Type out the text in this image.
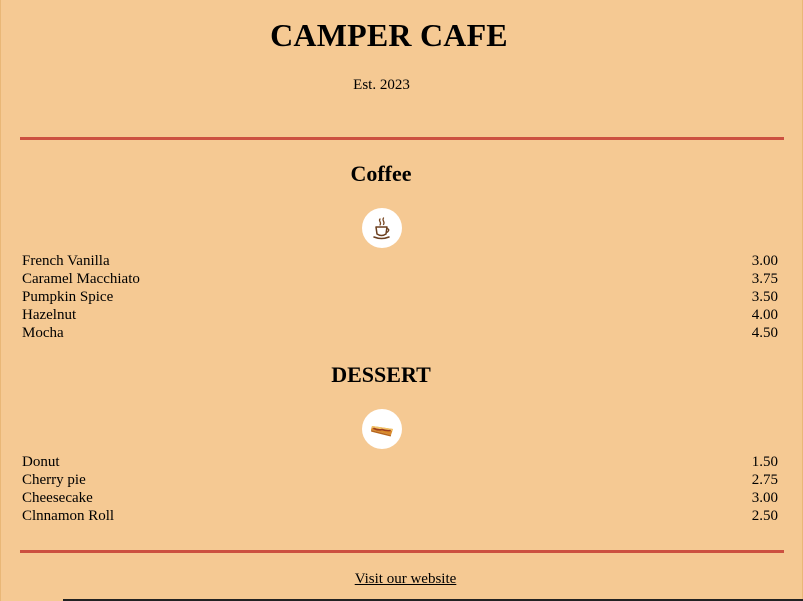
CAMPER CAFE
Est. 2023
Coffee
French Vanilla	3.00
Caramel Macchiato	3.75
Pumpkin Spice	3.50
Hazelnut	4.00
Mocha	4.50
DESSERT
Donut	1.50
Cherry pie	2.75
Cheesecake	3.00
Clnnamon Roll	2.50
Visit our website
